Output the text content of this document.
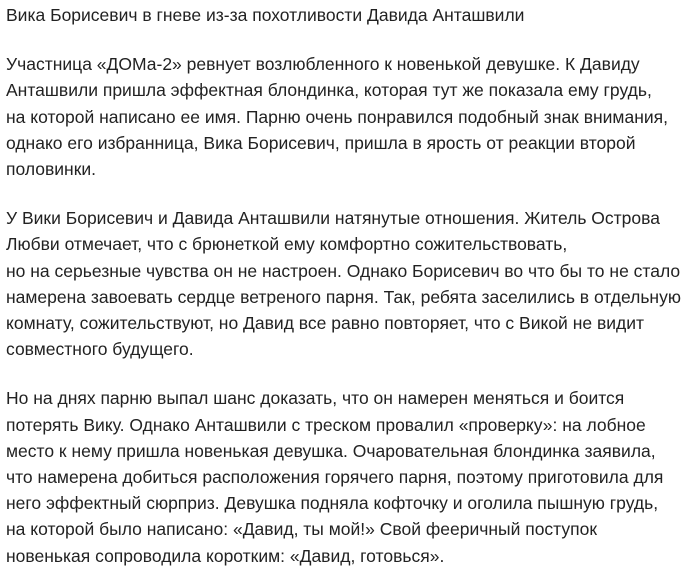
Вика Борисевич в гневе из-за похотливости Давида Анташвили

Участница «ДОМа-2» ревнует возлюбленного к новенькой девушке. К Давиду
Анташвили пришла эффектная блондинка, которая тут же показала ему грудь,
на которой написано ее имя. Парню очень понравился подобный знак внимания,
однако его избранница, Вика Борисевич, пришла в ярость от реакции второй
половинки.

У Вики Борисевич и Давида Анташвили натянутые отношения. Житель Острова
Любви отмечает, что с брюнеткой ему комфортно сожительствовать,
но на серьезные чувства он не настроен. Однако Борисевич во что бы то не стало
намерена завоевать сердце ветреного парня. Так, ребята заселились в отдельную
комнату, сожительствуют, но Давид все равно повторяет, что с Викой не видит
совместного будущего.

Но на днях парню выпал шанс доказать, что он намерен меняться и боится
потерять Вику. Однако Анташвили с треском провалил «проверку»: на лобное
место к нему пришла новенькая девушка. Очаровательная блондинка заявила,
что намерена добиться расположения горячего парня, поэтому приготовила для
него эффектный сюрприз. Девушка подняла кофточку и оголила пышную грудь,
на которой было написано: «Давид, ты мой!» Свой фееричный поступок
новенькая сопроводила коротким: «Давид, готовься».
